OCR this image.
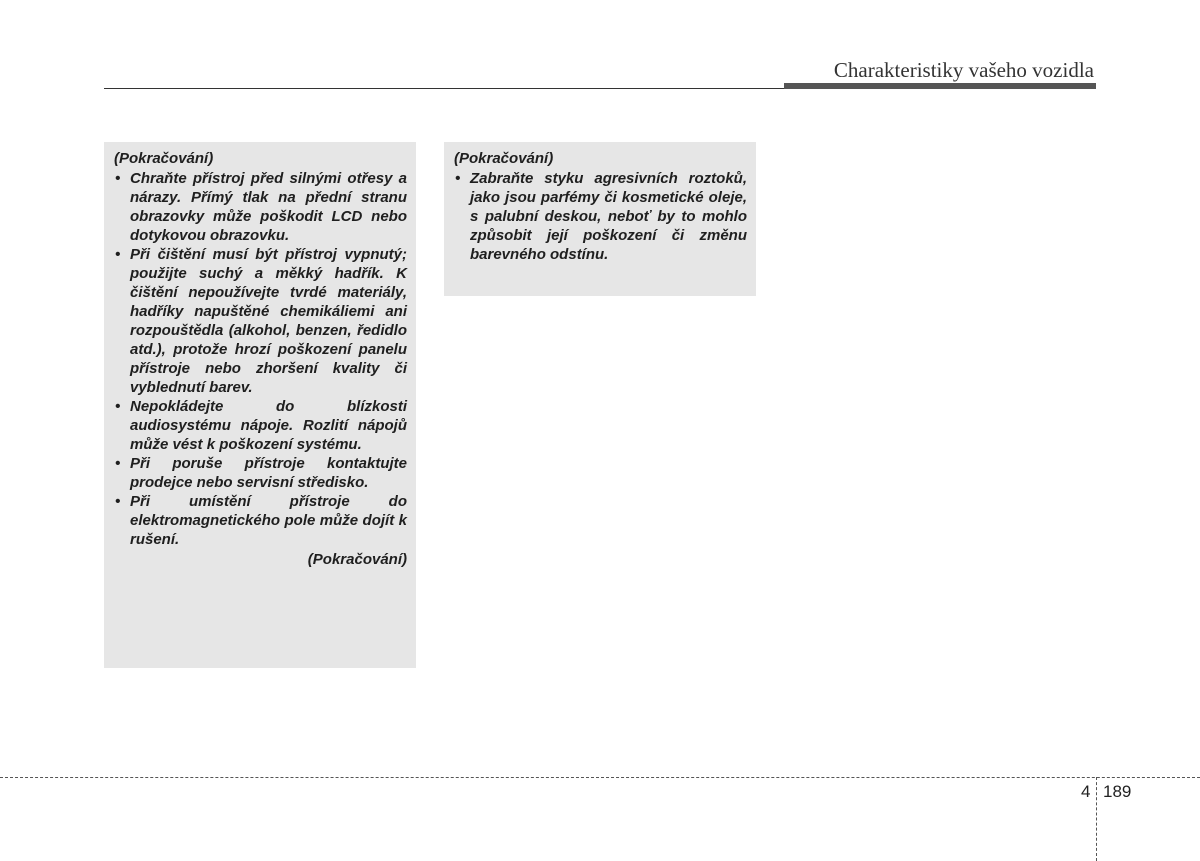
Charakteristiky vašeho vozidla
(Pokračování)
• Chraňte přístroj před silnými otřesy a nárazy. Přímý tlak na přední stranu obrazovky může poškodit LCD nebo dotykovou obrazovku.
• Při čištění musí být přístroj vypnutý; použijte suchý a měkký hadřík. K čištění nepoužívejte tvrdé materiály, hadříky napuštěné chemikáliemi ani rozpouštědla (alkohol, benzen, ředidlo atd.), protože hrozí poškození panelu přístroje nebo zhoršení kvality či vyblednutí barev.
• Nepokládejte do blízkosti audiosystému nápoje. Rozlití nápojů může vést k poškození systému.
• Při poruše přístroje kontaktujte prodejce nebo servisní středisko.
• Při umístění přístroje do elektromagnetického pole může dojít k rušení.
(Pokračování)
(Pokračování)
• Zabraňte styku agresivních roztoků, jako jsou parfémy či kosmetické oleje, s palubní deskou, neboť by to mohlo způsobit její poškození či změnu barevného odstínu.
4 189
